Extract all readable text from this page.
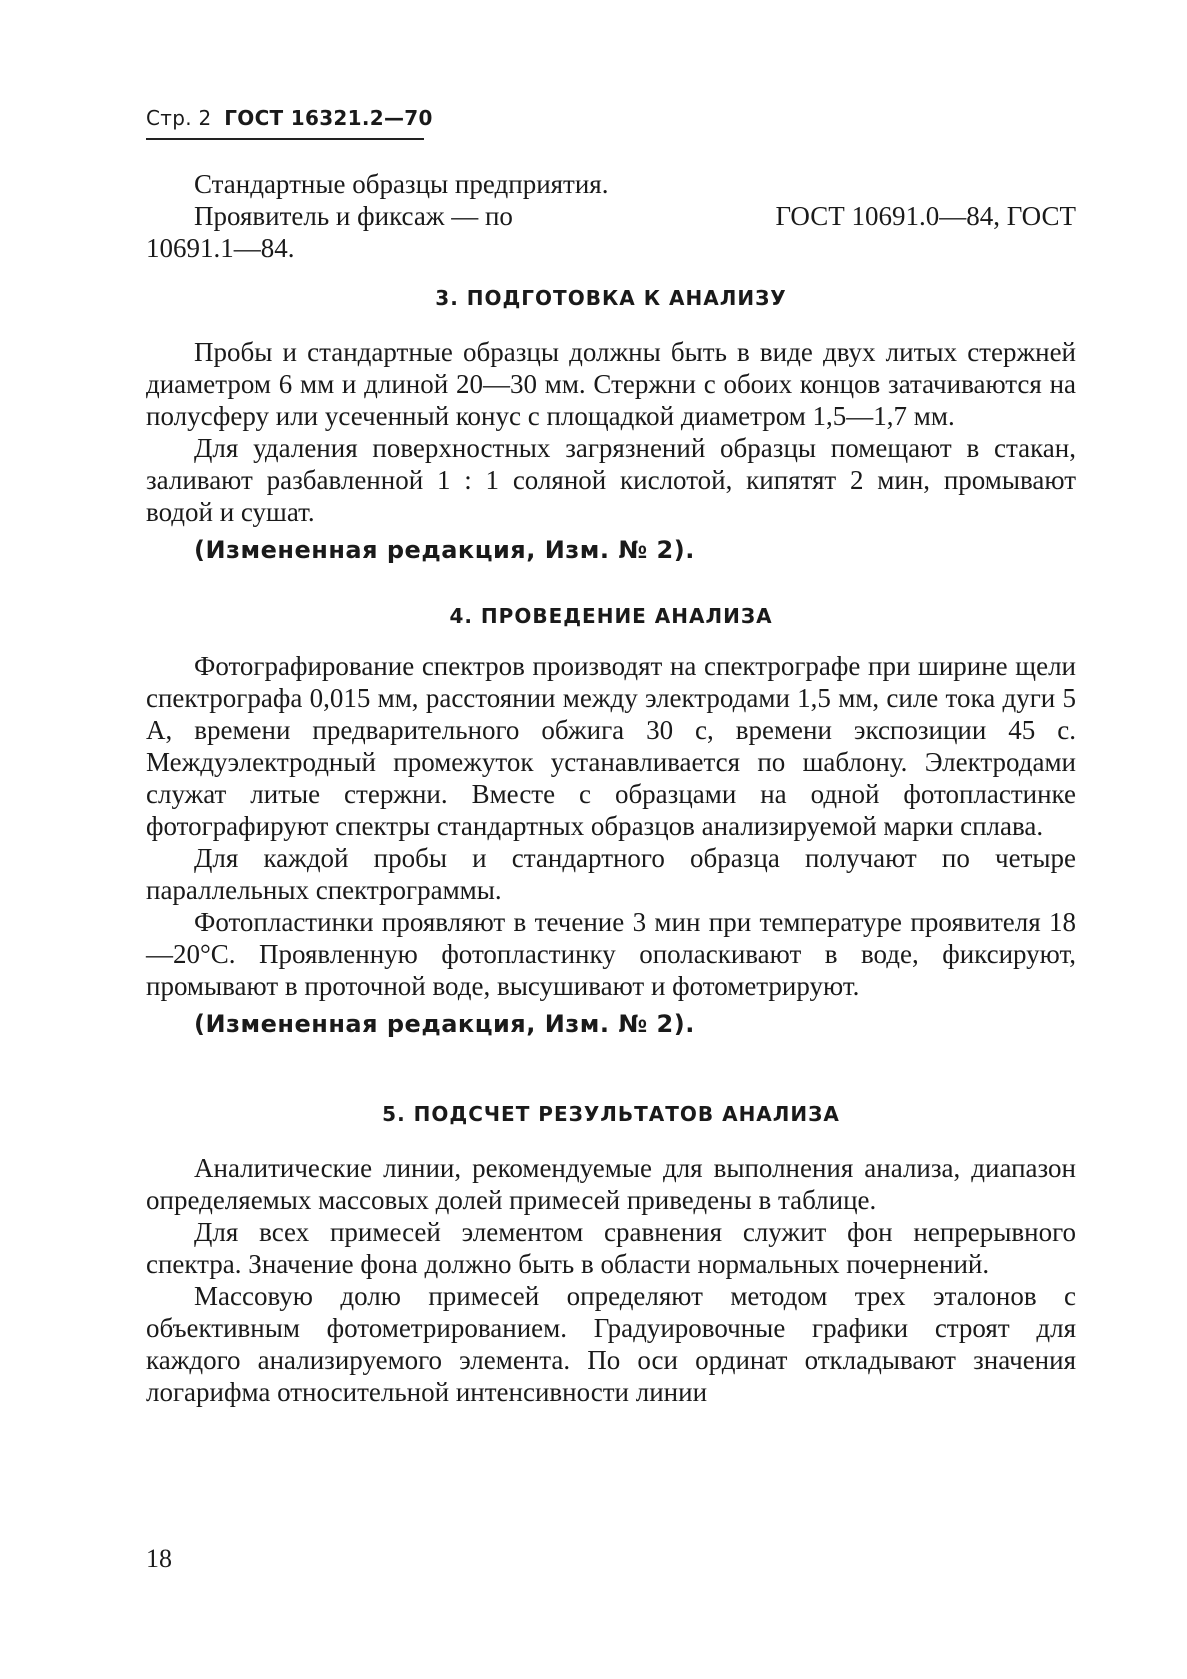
Стр. 2 ГОСТ 16321.2—70

Стандартные образцы предприятия.

Проявитель и фиксаж — по	ГОСТ 10691.0—84, ГОСТ

10691.1—84.

3. ПОДГОТОВКА К АНАЛИЗУ

Пробы и стандартные образцы должны быть в виде двух литых стержней диаметром 6 мм и длиной 20—30 мм. Стержни с обоих концов затачиваются на полусферу или усеченный конус с площадкой диаметром 1,5—1,7 мм.

Для удаления поверхностных загрязнений образцы помещают в стакан, заливают разбавленной 1 : 1 соляной кислотой, кипятят 2 мин, промывают водой и сушат.

(Измененная редакция, Изм. № 2).

4. ПРОВЕДЕНИЕ АНАЛИЗА

Фотографирование спектров производят на спектрографе при ширине щели спектрографа 0,015 мм, расстоянии между электродами 1,5 мм, силе тока дуги 5 А, времени предварительного обжига 30 с, времени экспозиции 45 с. Междуэлектродный промежуток устанавливается по шаблону. Электродами служат литые стержни. Вместе с образцами на одной фотопластинке фотографируют спектры стандартных образцов анализируемой марки сплава.

Для каждой пробы и стандартного образца получают по четыре параллельных спектрограммы.

Фотопластинки проявляют в течение 3 мин при температуре проявителя 18—20°С. Проявленную фотопластинку ополаскивают в воде, фиксируют, промывают в проточной воде, высушивают и фотометрируют.

(Измененная редакция, Изм. № 2).

5. ПОДСЧЕТ РЕЗУЛЬТАТОВ АНАЛИЗА

Аналитические линии, рекомендуемые для выполнения анализа, диапазон определяемых массовых долей примесей приведены в таблице.

Для всех примесей элементом сравнения служит фон непрерывного спектра. Значение фона должно быть в области нормальных почернений.

Массовую долю примесей определяют методом трех эталонов с объективным фотометрированием. Градуировочные графики строят для каждого анализируемого элемента. По оси ординат откладывают значения логарифма относительной интенсивности линии

18
